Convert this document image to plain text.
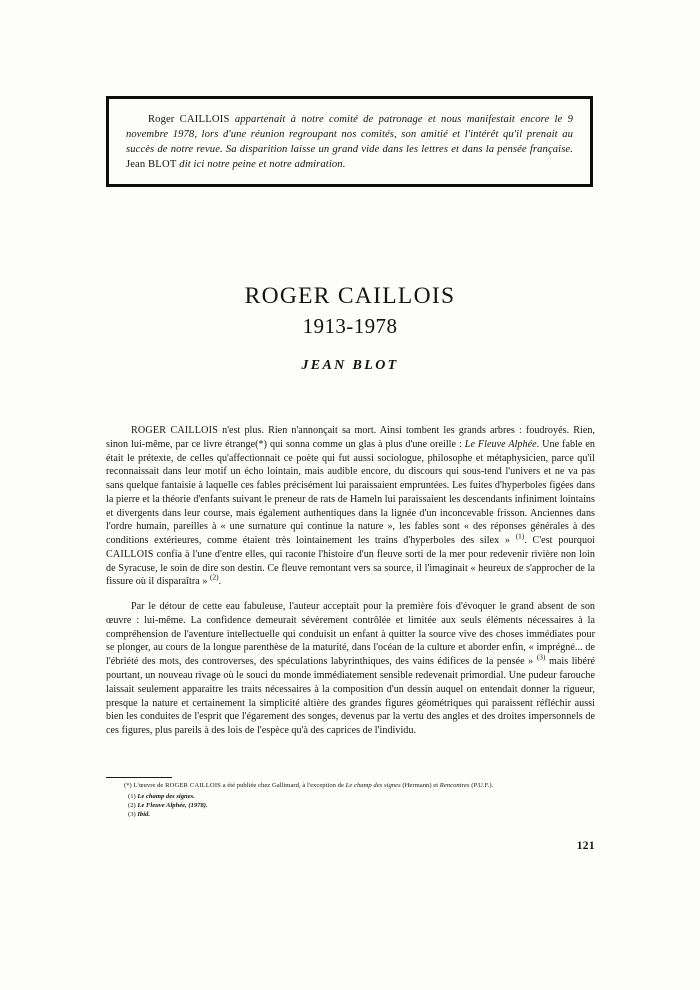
Roger CAILLOIS appartenait à notre comité de patronage et nous manifestait encore le 9 novembre 1978, lors d'une réunion regroupant nos comités, son amitié et l'intérêt qu'il prenait au succès de notre revue. Sa disparition laisse un grand vide dans les lettres et dans la pensée française. Jean BLOT dit ici notre peine et notre admiration.

ROGER CAILLOIS
1913-1978
JEAN BLOT

ROGER CAILLOIS n'est plus. Rien n'annonçait sa mort. Ainsi tombent les grands arbres : foudroyés. Rien, sinon lui-même, par ce livre étrange(*) qui sonna comme un glas à plus d'une oreille : Le Fleuve Alphée. Une fable en était le prétexte, de celles qu'affectionnait ce poète qui fut aussi sociologue, philosophe et métaphysicien, parce qu'il reconnaissait dans leur motif un écho lointain, mais audible encore, du discours qui sous-tend l'univers et ne va pas sans quelque fantaisie à laquelle ces fables précisément lui paraissaient empruntées. Les fuites d'hyperboles figées dans la pierre et la théorie d'enfants suivant le preneur de rats de Hameln lui paraissaient les descendants infiniment lointains et divergents dans leur course, mais également authentiques dans la lignée d'un inconcevable frisson. Anciennes dans l'ordre humain, pareilles à « une surnature qui continue la nature », les fables sont « des réponses générales à des conditions extérieures, comme étaient très lointainement les trains d'hyperboles des silex » $^{(1)}$. C'est pourquoi CAILLOIS confia à l'une d'entre elles, qui raconte l'histoire d'un fleuve sorti de la mer pour redevenir rivière non loin de Syracuse, le soin de dire son destin. Ce fleuve remontant vers sa source, il l'imaginait « heureux de s'approcher de la fissure où il disparaîtra » $^{(2)}$.

Par le détour de cette eau fabuleuse, l'auteur acceptait pour la première fois d'évoquer le grand absent de son œuvre : lui-même. La confidence demeurait sévèrement contrôlée et limitée aux seuls éléments nécessaires à la compréhension de l'aventure intellectuelle qui conduisit un enfant à quitter la source vive des choses immédiates pour se plonger, au cours de la longue parenthèse de la maturité, dans l'océan de la culture et aborder enfin, « imprégné... de l'ébriété des mots, des controverses, des spéculations labyrinthiques, des vains édifices de la pensée » $^{(3)}$ mais libéré pourtant, un nouveau rivage où le souci du monde immédiatement sensible redevenait primordial. Une pudeur farouche laissait seulement apparaitre les traits nécessaires à la composition d'un dessin auquel on entendait donner la rigueur, presque la nature et certainement la simplicité altière des grandes figures géométriques qui paraissent réfléchir aussi bien les conduites de l'esprit que l'égarement des songes, devenus par la vertu des angles et des droites impersonnels de ces figures, plus pareils à des lois de l'espèce qu'à des caprices de l'individu.

(*) L'œuvre de ROGER CAILLOIS a été publiée chez Gallimard, à l'exception de Le champ des signes (Hermann) et Rencontres (P.U.F.).

(1) Le champ des signes.
(2) Le Fleuve Alphée, (1978).
(3) Ibid.
121
